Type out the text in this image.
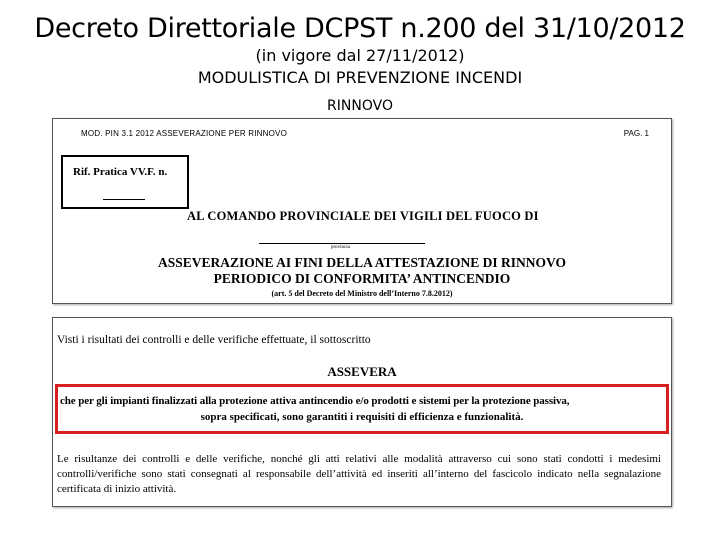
Decreto Direttoriale DCPST n.200 del 31/10/2012
(in vigore dal 27/11/2012)
MODULISTICA DI PREVENZIONE INCENDI
RINNOVO
MOD. PIN 3.1 2012 ASSEVERAZIONE PER RINNOVO	PAG. 1
Rif. Pratica VV.F. n.
AL COMANDO PROVINCIALE DEI VIGILI DEL FUOCO DI
provincia
ASSEVERAZIONE AI FINI DELLA ATTESTAZIONE DI RINNOVO
PERIODICO DI CONFORMITA’ ANTINCENDIO
(art. 5 del Decreto del Ministro dell’Interno 7.8.2012)
Visti i risultati dei controlli e delle verifiche effettuate, il sottoscritto
ASSEVERA
che per gli impianti finalizzati alla protezione attiva antincendio e/o prodotti e sistemi per la protezione passiva,
sopra specificati, sono garantiti i requisiti di efficienza e funzionalità.
Le risultanze dei controlli e delle verifiche, nonché gli atti relativi alle modalità attraverso cui sono stati condotti i medesimi controlli/verifiche sono stati consegnati al responsabile dell’attività ed inseriti all’interno del fascicolo indicato nella segnalazione certificata di inizio attività.
